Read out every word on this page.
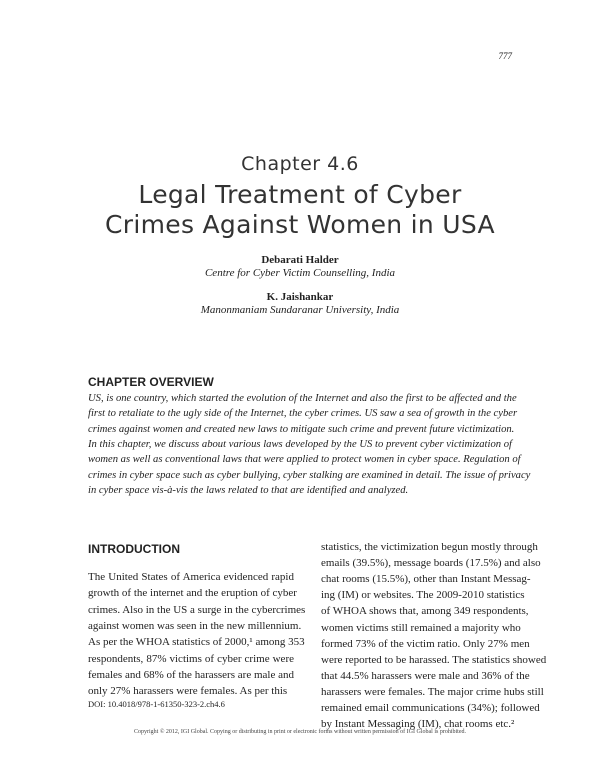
777
Chapter 4.6
Legal Treatment of Cyber
Crimes Against Women in USA
Debarati Halder
Centre for Cyber Victim Counselling, India
K. Jaishankar
Manonmaniam Sundaranar University, India
CHAPTER OVERVIEW
US, is one country, which started the evolution of the Internet and also the first to be affected and the
first to retaliate to the ugly side of the Internet, the cyber crimes. US saw a sea of growth in the cyber
crimes against women and created new laws to mitigate such crime and prevent future victimization.
In this chapter, we discuss about various laws developed by the US to prevent cyber victimization of
women as well as conventional laws that were applied to protect women in cyber space. Regulation of
crimes in cyber space such as cyber bullying, cyber stalking are examined in detail. The issue of privacy
in cyber space vis-à-vis the laws related to that are identified and analyzed.
INTRODUCTION
The United States of America evidenced rapid
growth of the internet and the eruption of cyber
crimes. Also in the US a surge in the cybercrimes
against women was seen in the new millennium.
As per the WHOA statistics of 2000,¹ among 353
respondents, 87% victims of cyber crime were
females and 68% of the harassers are male and
only 27% harassers were females. As per this
statistics, the victimization begun mostly through
emails (39.5%), message boards (17.5%) and also
chat rooms (15.5%), other than Instant Messag-
ing (IM) or websites. The 2009-2010 statistics
of WHOA shows that, among 349 respondents,
women victims still remained a majority who
formed 73% of the victim ratio. Only 27% men
were reported to be harassed. The statistics showed
that 44.5% harassers were male and 36% of the
harassers were females. The major crime hubs still
remained email communications (34%); followed
by Instant Messaging (IM), chat rooms etc.²
DOI: 10.4018/978-1-61350-323-2.ch4.6
Copyright © 2012, IGI Global. Copying or distributing in print or electronic forms without written permission of IGI Global is prohibited.
